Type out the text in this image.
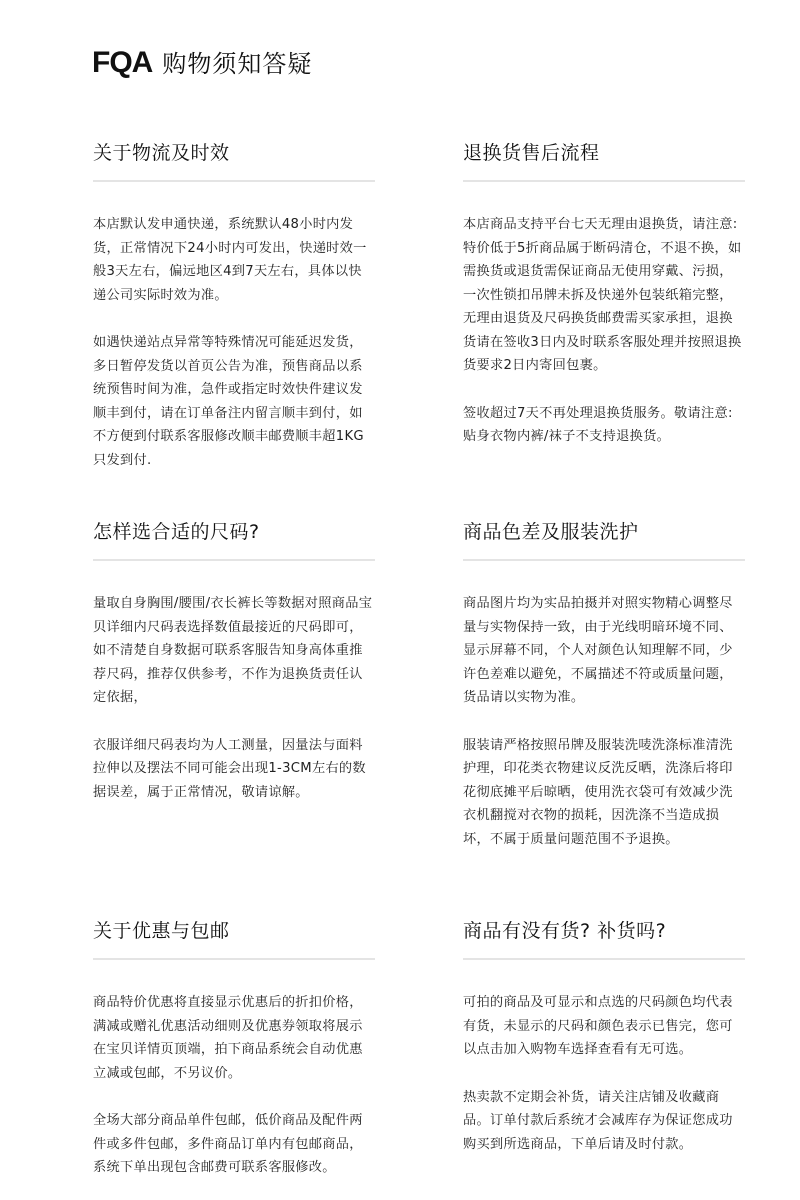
FQA 购物须知答疑
关于物流及时效

本店默认发申通快递，系统默认48小时内发货，正常情况下24小时内可发出，快递时效一般3天左右，偏远地区4到7天左右，具体以快递公司实际时效为准。

如遇快递站点异常等特殊情况可能延迟发货，多日暂停发货以首页公告为准，预售商品以系统预售时间为准，急件或指定时效快件建议发顺丰到付，请在订单备注内留言顺丰到付，如不方便到付联系客服修改顺丰邮费顺丰超1KG只发到付.

退换货售后流程

本店商品支持平台七天无理由退换货，请注意:特价低于5折商品属于断码清仓，不退不换，如需换货或退货需保证商品无使用穿戴、污损，一次性锁扣吊牌未拆及快递外包装纸箱完整，无理由退货及尺码换货邮费需买家承担，退换货请在签收3日内及时联系客服处理并按照退换货要求2日内寄回包裹。

签收超过7天不再处理退换货服务。敬请注意:贴身衣物内裤/袜子不支持退换货。

怎样选合适的尺码?

量取自身胸围/腰围/衣长裤长等数据对照商品宝贝详细内尺码表选择数值最接近的尺码即可，如不清楚自身数据可联系客服告知身高体重推荐尺码，推荐仅供参考，不作为退换货责任认定依据，

衣服详细尺码表均为人工测量，因量法与面料拉伸以及摆法不同可能会出现1-3CM左右的数据误差，属于正常情况，敬请谅解。

商品色差及服装洗护

商品图片均为实品拍摄并对照实物精心调整尽量与实物保持一致，由于光线明暗环境不同、显示屏幕不同，个人对颜色认知理解不同，少许色差难以避免，不属描述不符或质量问题，货品请以实物为准。

服装请严格按照吊牌及服装洗唛洗涤标准清洗护理，印花类衣物建议反洗反晒，洗涤后将印花彻底摊平后晾晒，使用洗衣袋可有效减少洗衣机翻搅对衣物的损耗，因洗涤不当造成损坏，不属于质量问题范围不予退换。

关于优惠与包邮

商品特价优惠将直接显示优惠后的折扣价格，满减或赠礼优惠活动细则及优惠券领取将展示在宝贝详情页顶端，拍下商品系统会自动优惠立减或包邮，不另议价。

全场大部分商品单件包邮，低价商品及配件两件或多件包邮，多件商品订单内有包邮商品，系统下单出现包含邮费可联系客服修改。

商品有没有货? 补货吗?

可拍的商品及可显示和点选的尺码颜色均代表有货，未显示的尺码和颜色表示已售完，您可以点击加入购物车选择查看有无可选。

热卖款不定期会补货，请关注店铺及收藏商品。订单付款后系统才会减库存为保证您成功购买到所选商品，下单后请及时付款。
